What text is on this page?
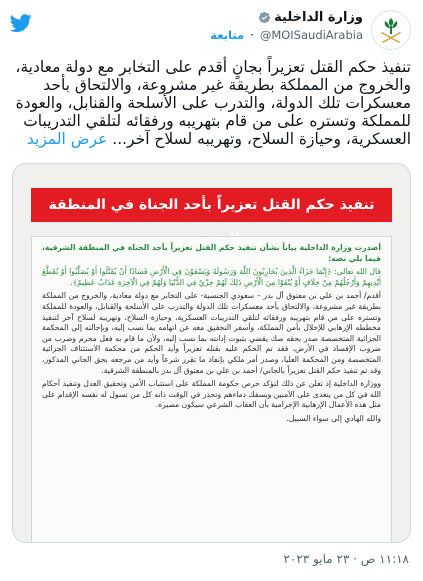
وزارة الداخلية
@MOISaudiArabia
·
متابعة
تنفيذ حكم القتل تعزيراً بجانٍ أقدم على التخابر مع دولة معادية، والخروج من المملكة بطريقة غير مشروعة، والالتحاق بأحد معسكرات تلك الدولة، والتدرب على الأسلحة والقنابل، والعودة للمملكة وتستره على من قام بتهريبه ورفقائه لتلقي التدريبات العسكرية، وحيازة السلاح، وتهريبه لسلاح آخر... عرض المزيد
تنفيذ حكم القتل تعزيراً بأحد الجناة في المنطقة

أصدرت وزارة الداخلية بياناً بشأن تنفيذ حكم القتل تعزيراً بأحد الجناة في المنطقة الشرقية، فيما يلي نصه:

قال الله تعالى: ﴿إِنَّمَا جَزَاءُ الَّذِينَ يُحَارِبُونَ اللَّهَ وَرَسُولَهُ وَيَسْعَوْنَ فِي الْأَرْضِ فَسَادًا أَنْ يُقَتَّلُوا أَوْ يُصَلَّبُوا أَوْ تُقَطَّعَ أَيْدِيهِمْ وَأَرْجُلُهُمْ مِنْ خِلَافٍ أَوْ يُنْفَوْا مِنَ الْأَرْضِ ذَلِكَ لَهُمْ خِزْيٌ فِي الدُّنْيَا وَلَهُمْ فِي الْآخِرَةِ عَذَابٌ عَظِيمٌ﴾.

أقدم/ أحمد بن علي بن معتوق آل بدر – سعودي الجنسية- على التخابر مع دولة معادية، والخروج من المملكة بطريقة غير مشروعة، والالتحاق بأحد معسكرات تلك الدولة والتدرب على الأسلحة والقنابل، والعودة للمملكة وتستره على من قام بتهريبه ورفقائه لتلقي التدريبات العسكرية، وحيازة السلاح، وتهريبه لسلاح آخر لتنفيذ مخططه الإرهابي للإخلال بأمن المملكة، وأسفر التحقيق معه عن اتهامه بما نسب إليه، وبإحالته إلى المحكمة الجزائية المتخصصة صدر بحقه صك يقضي بثبوت إدانته بما نسب إليه، ولأن ما قام به فعل محرم وضرب من ضروب الإفساد في الأرض، فقد تم الحكم عليه بقتله تعزيراً وأيد الحكم من محكمة الاستئناف الجزائية المتخصصة ومن المحكمة العليا، وصدر أمر ملكي بإنفاذ ما تقرر شرعاً وأيد من مرجعه بحق الجاني المذكور، وقد تم تنفيذ حكم القتل تعزيراً بالجاني/ أحمد بن علي بن معتوق آل بدر بالمنطقة الشرقية.

ووزارة الداخلية إذ تعلن عن ذلك لتؤكد حرص حكومة المملكة على استتباب الأمن وتحقيق العدل وتنفيذ أحكام الله في كل من يتعدى على الآمنين ويسفك دماءهم وتحذر في الوقت ذاته كل من تسول له نفسه الإقدام على مثل هذه الأعمال الإرهابية الإجرامية بأن العقاب الشرعي سيكون مصيره.

والله الهادي إلى سواء السبيل.

١١:١٨ ص · ٢٣ مايو ٢٠٢٣
